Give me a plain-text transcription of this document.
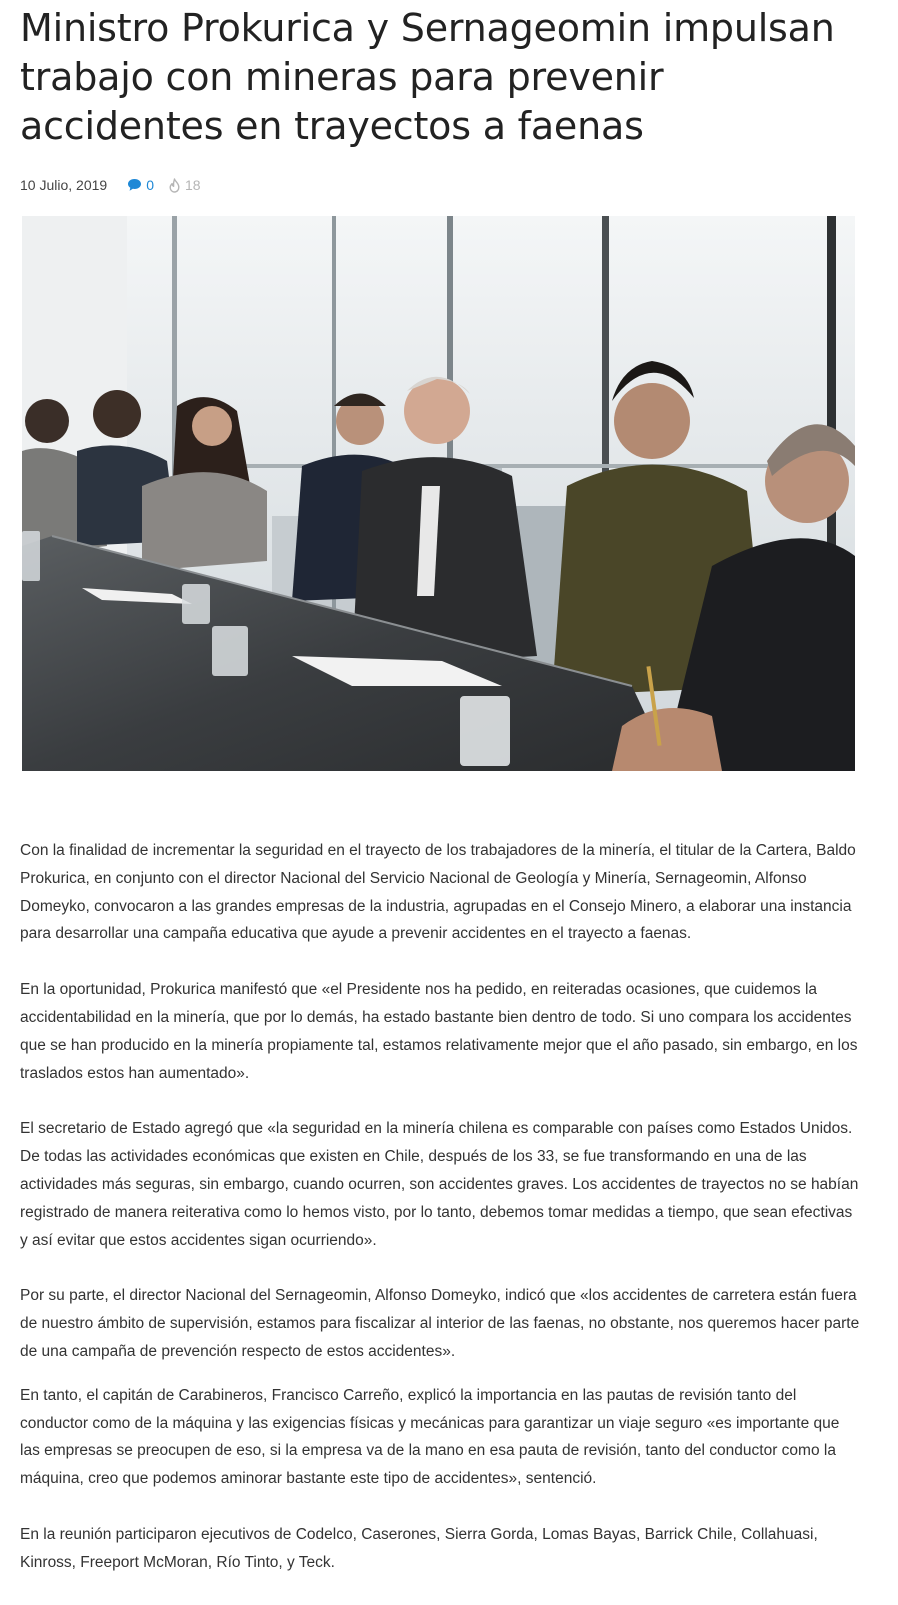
Ministro Prokurica y Sernageomin impulsan trabajo con mineras para prevenir accidentes en trayectos a faenas
10 Julio, 2019	0 18

Con la finalidad de incrementar la seguridad en el trayecto de los trabajadores de la minería, el titular de la Cartera, Baldo Prokurica, en conjunto con el director Nacional del Servicio Nacional de Geología y Minería, Sernageomin, Alfonso Domeyko, convocaron a las grandes empresas de la industria, agrupadas en el Consejo Minero, a elaborar una instancia para desarrollar una campaña educativa que ayude a prevenir accidentes en el trayecto a faenas.

En la oportunidad, Prokurica manifestó que «el Presidente nos ha pedido, en reiteradas ocasiones, que cuidemos la accidentabilidad en la minería, que por lo demás, ha estado bastante bien dentro de todo. Si uno compara los accidentes que se han producido en la minería propiamente tal, estamos relativamente mejor que el año pasado, sin embargo, en los traslados estos han aumentado».

El secretario de Estado agregó que «la seguridad en la minería chilena es comparable con países como Estados Unidos. De todas las actividades económicas que existen en Chile, después de los 33, se fue transformando en una de las actividades más seguras, sin embargo, cuando ocurren, son accidentes graves. Los accidentes de trayectos no se habían registrado de manera reiterativa como lo hemos visto, por lo tanto, debemos tomar medidas a tiempo, que sean efectivas y así evitar que estos accidentes sigan ocurriendo».

Por su parte, el director Nacional del Sernageomin, Alfonso Domeyko, indicó que «los accidentes de carretera están fuera de nuestro ámbito de supervisión, estamos para fiscalizar al interior de las faenas, no obstante, nos queremos hacer parte de una campaña de prevención respecto de estos accidentes».

En tanto, el capitán de Carabineros, Francisco Carreño, explicó la importancia en las pautas de revisión tanto del conductor como de la máquina y las exigencias físicas y mecánicas para garantizar un viaje seguro «es importante que las empresas se preocupen de eso, si la empresa va de la mano en esa pauta de revisión, tanto del conductor como la máquina, creo que podemos aminorar bastante este tipo de accidentes», sentenció.

En la reunión participaron ejecutivos de Codelco, Caserones, Sierra Gorda, Lomas Bayas, Barrick Chile, Collahuasi, Kinross, Freeport McMoran, Río Tinto, y Teck.
